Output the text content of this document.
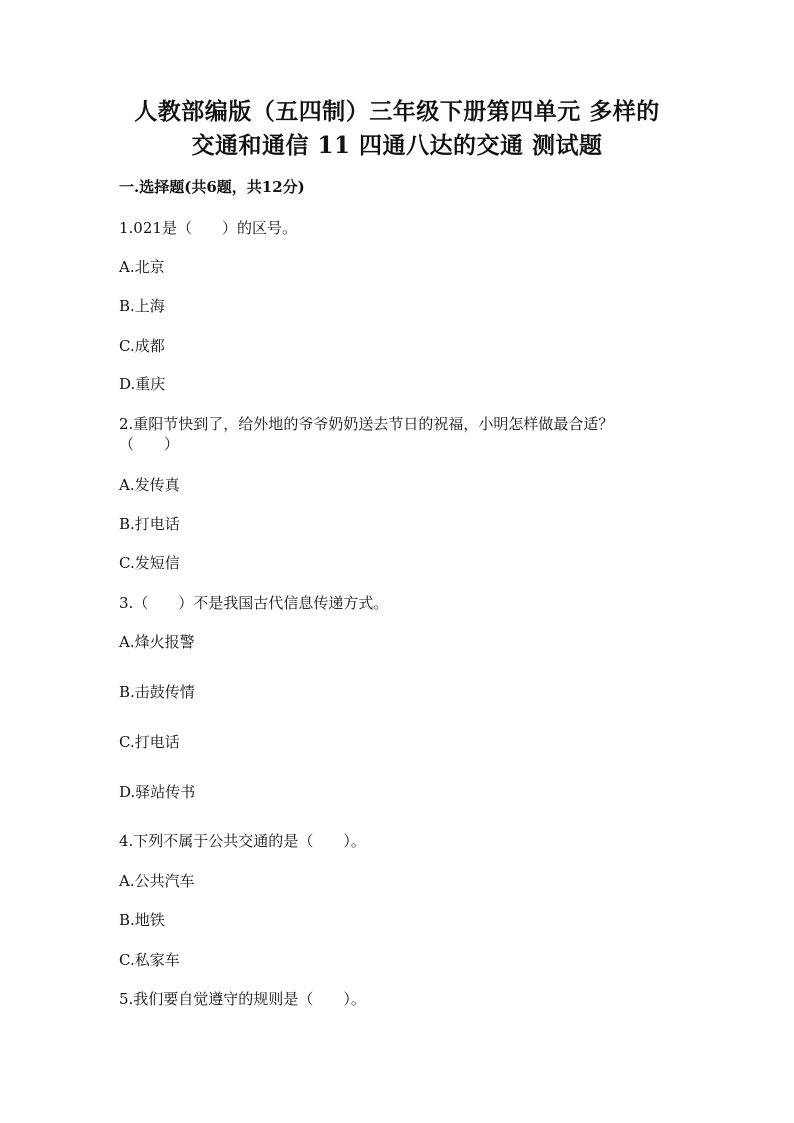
人教部编版（五四制）三年级下册第四单元 多样的
交通和通信 11 四通八达的交通 测试题
一.选择题(共6题，共12分)
1.021是（　　）的区号。
A.北京
B.上海
C.成都
D.重庆
2.重阳节快到了，给外地的爷爷奶奶送去节日的祝福，小明怎样做最合适？（　　）
A.发传真
B.打电话
C.发短信
3.（　　）不是我国古代信息传递方式。
A.烽火报警
B.击鼓传情
C.打电话
D.驿站传书
4.下列不属于公共交通的是（　　）。
A.公共汽车
B.地铁
C.私家车
5.我们要自觉遵守的规则是（　　）。
